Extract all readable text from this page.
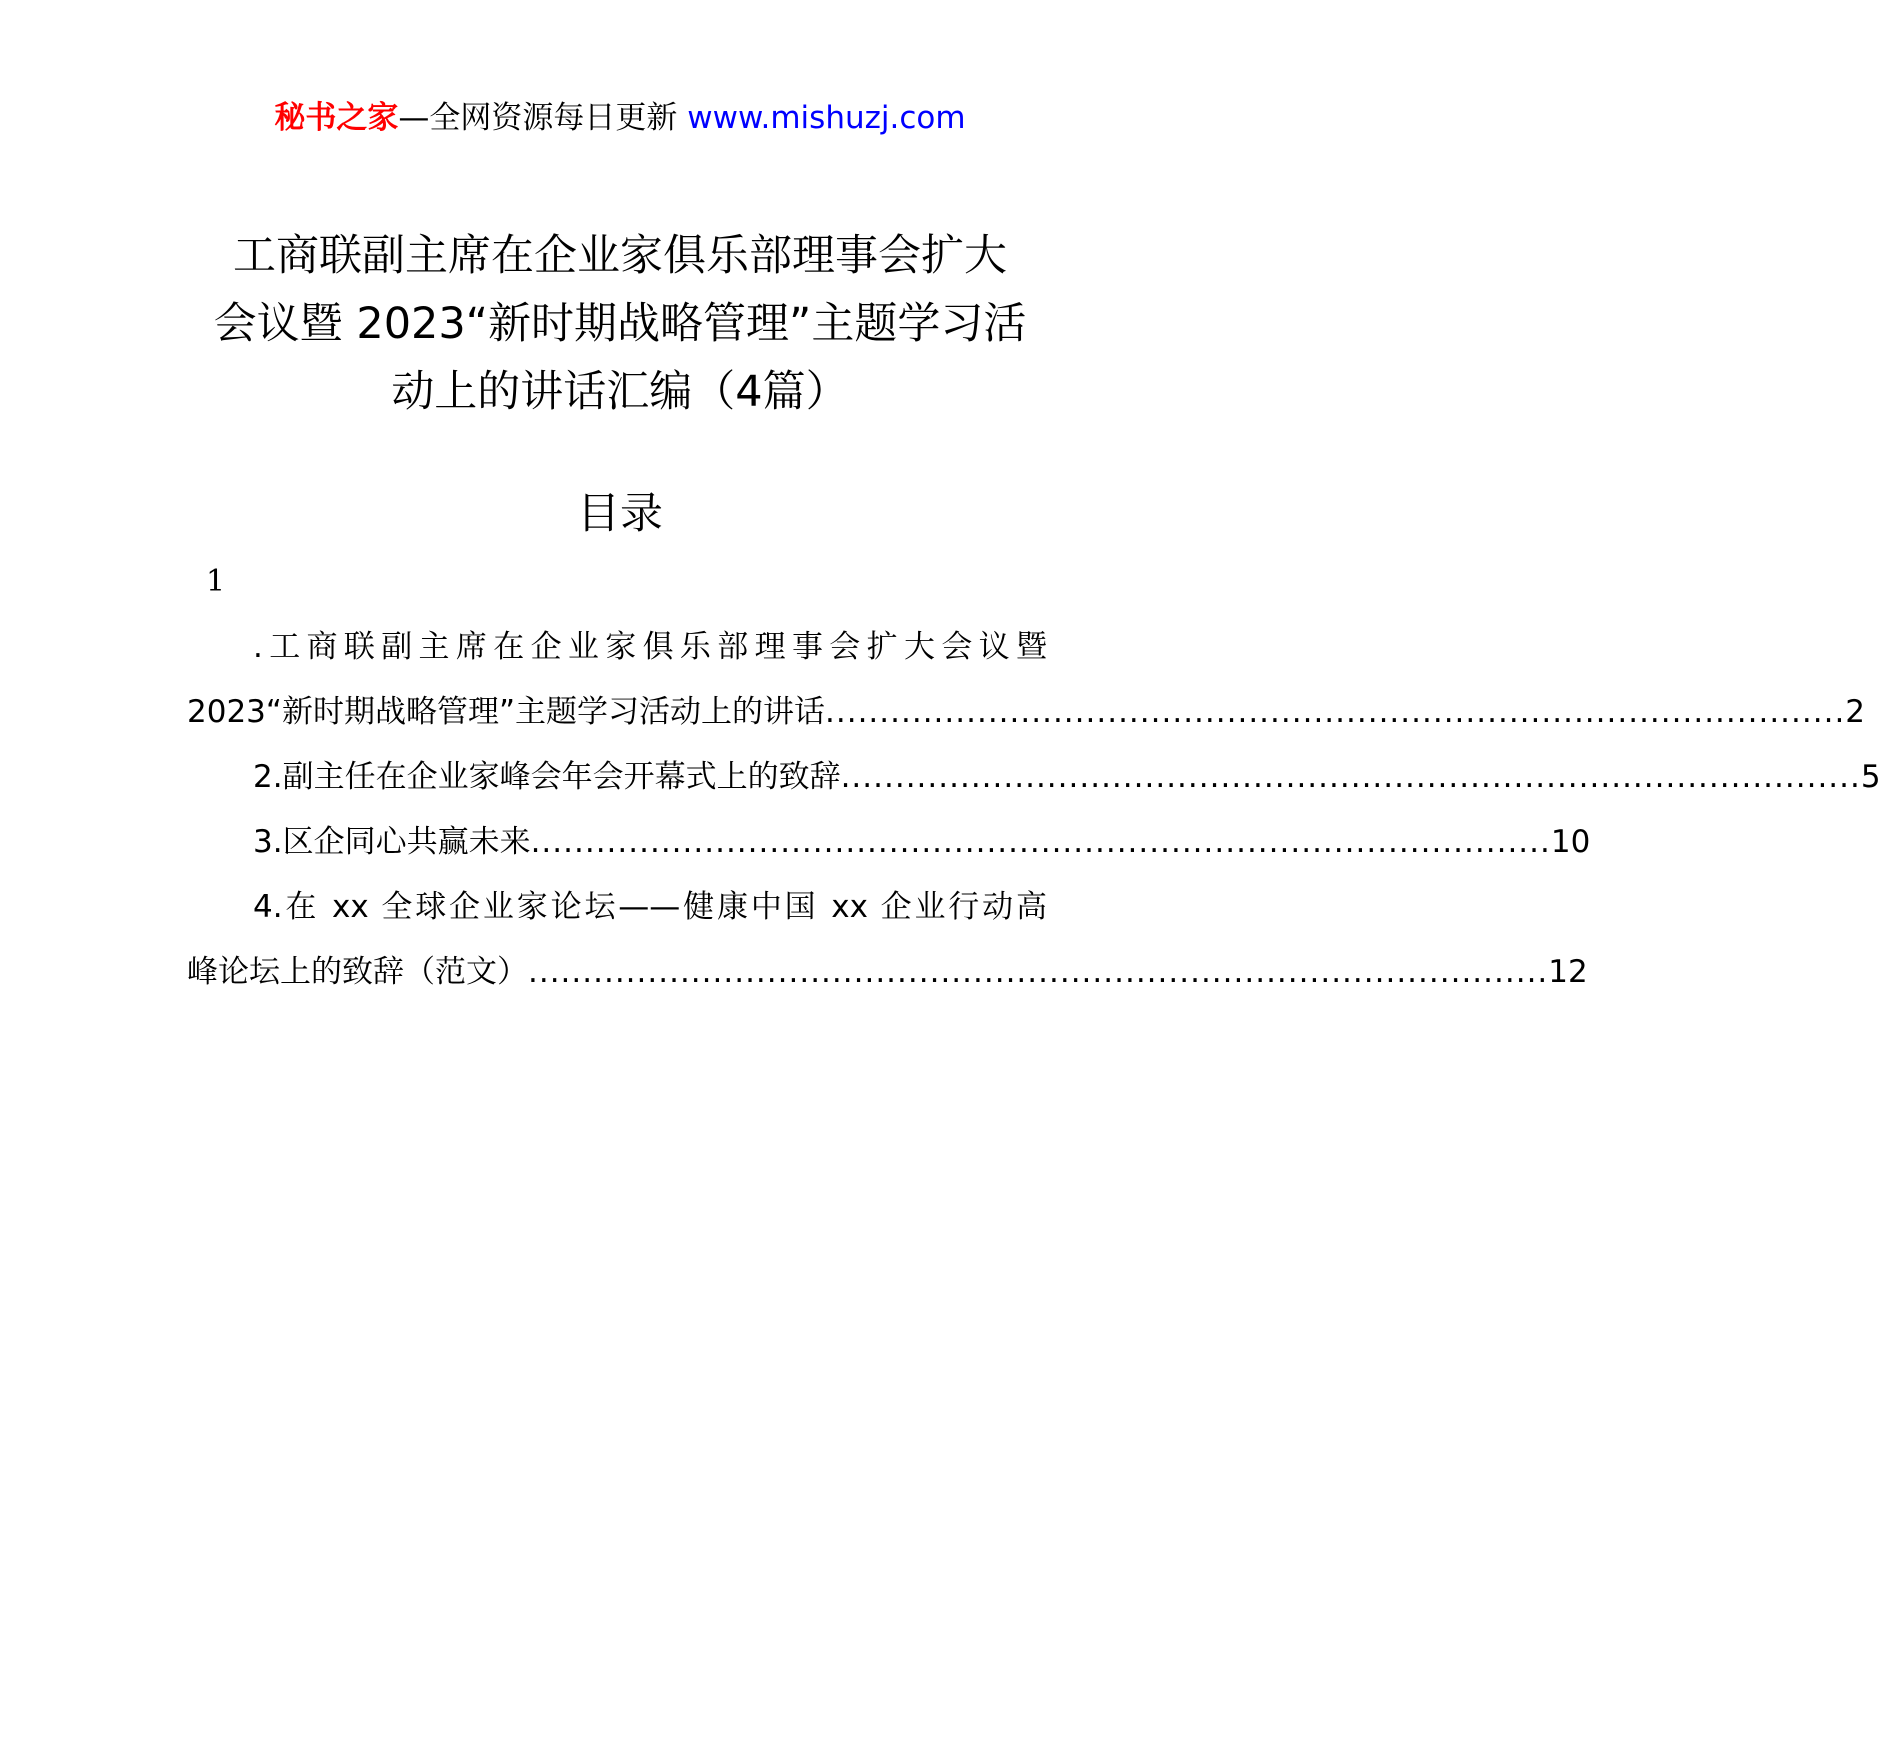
秘书之家—全网资源每日更新 www.mishuzj.com
工商联副主席在企业家俱乐部理事会扩大
会议暨 2023“新时期战略管理”主题学习活
动上的讲话汇编（4篇）
目录
1
.工商联副主席在企业家俱乐部理事会扩大会议暨
2023“新时期战略管理”主题学习活动上的讲话 .............................................................................................. 2
2.副主任在企业家峰会年会开幕式上的致辞 .............................................................................................. 5
3.区企同心共赢未来 .............................................................................................. 10
4.在 xx 全球企业家论坛——健康中国 xx 企业行动高
峰论坛上的致辞（范文） .............................................................................................. 12
